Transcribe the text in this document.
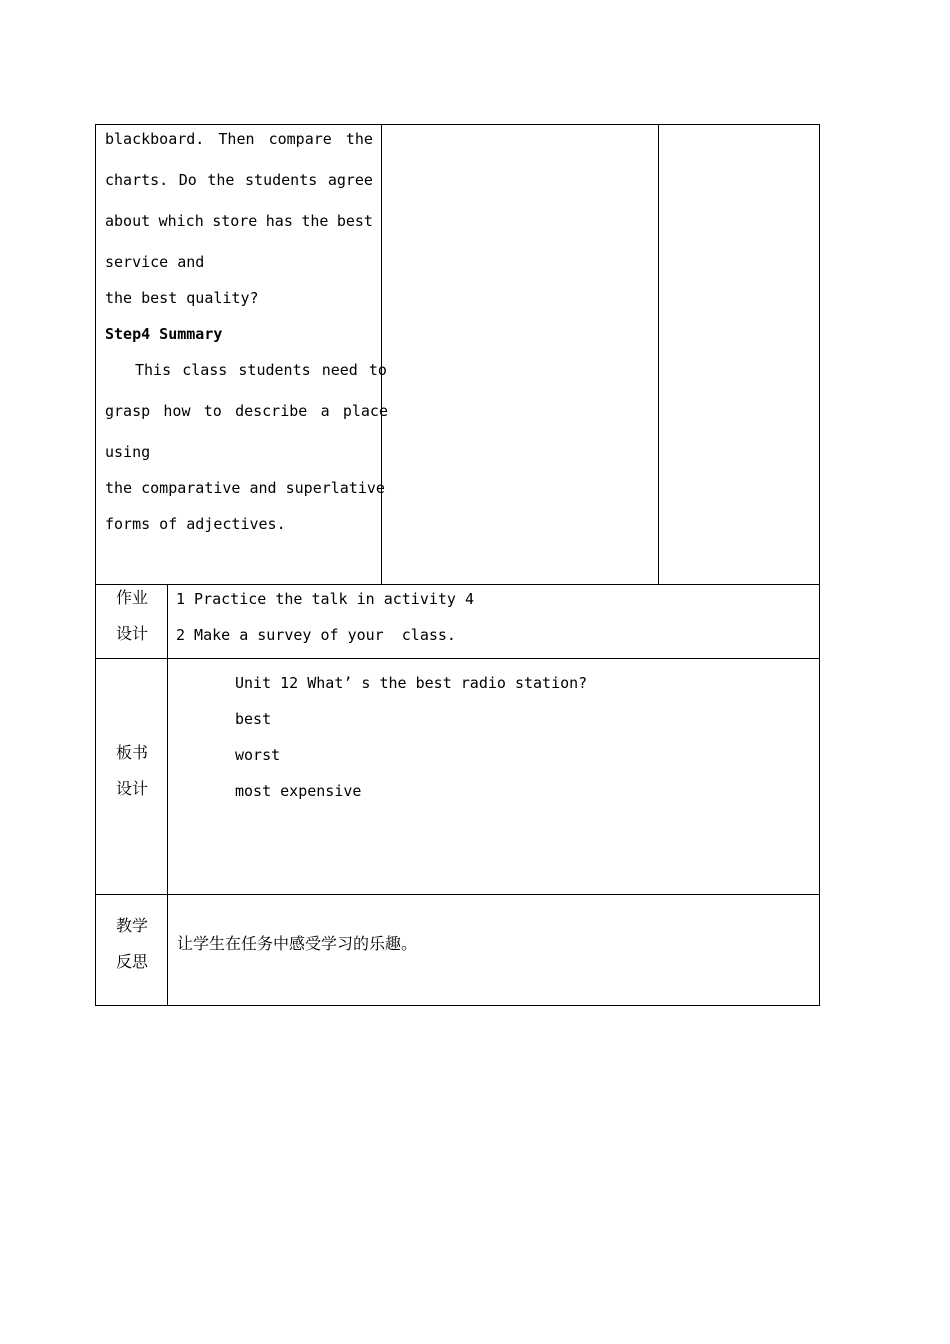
blackboard. Then compare the
charts. Do the students agree
about which store has the best
service and
the best quality?
Step4 Summary
This class students need to
grasp how to describe a place
using
the comparative and superlative
forms of adjectives.
作业
设计
1 Practice the talk in activity 4
2 Make a survey of your  class.
板书
设计
Unit 12 What’ s the best radio station?
best
worst
most expensive
教学
反思
让学生在任务中感受学习的乐趣。
